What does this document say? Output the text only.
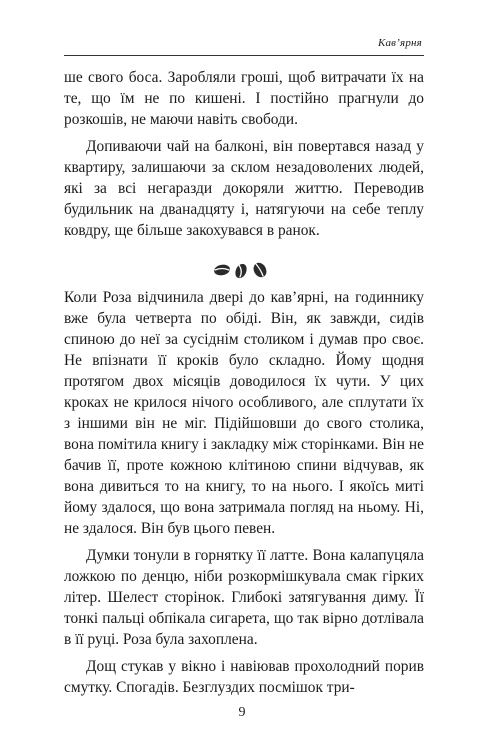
Кав’ярня

ше свого боса. Заробляли гроші, щоб витрачати їх на те, що їм не по кишені. І постійно прагнули до розкошів, не маючи навіть свободи.

Допиваючи чай на балконі, він повертався назад у квартиру, залишаючи за склом незадоволених людей, які за всі негаразди докоряли життю. Переводив будильник на дванадцяту і, натягуючи на себе теплу ковдру, ще більше закохувався в ранок.

Коли Роза відчинила двері до кав’ярні, на годиннику вже була четверта по обіді. Він, як завжди, сидів спиною до неї за сусіднім столиком і думав про своє. Не впізнати її кроків було складно. Йому щодня протягом двох місяців доводилося їх чути. У цих кроках не крилося нічого особливого, але сплутати їх з іншими він не міг. Підійшовши до свого столика, вона помітила книгу і закладку між сторінками. Він не бачив її, проте кожною клітиною спини відчував, як вона дивиться то на книгу, то на нього. І якоїсь миті йому здалося, що вона затримала погляд на ньому. Ні, не здалося. Він був цього певен.

Думки тонули в горнятку її латте. Вона калапуцяла ложкою по денцю, ніби розкормішкувала смак гірких літер. Шелест сторінок. Глибокі затягування диму. Її тонкі пальці обпікала сигарета, що так вірно дотлівала в її руці. Роза була захоплена.

Дощ стукав у вікно і навіював прохолодний порив смутку. Спогадів. Безглуздих посмішок три-

9
